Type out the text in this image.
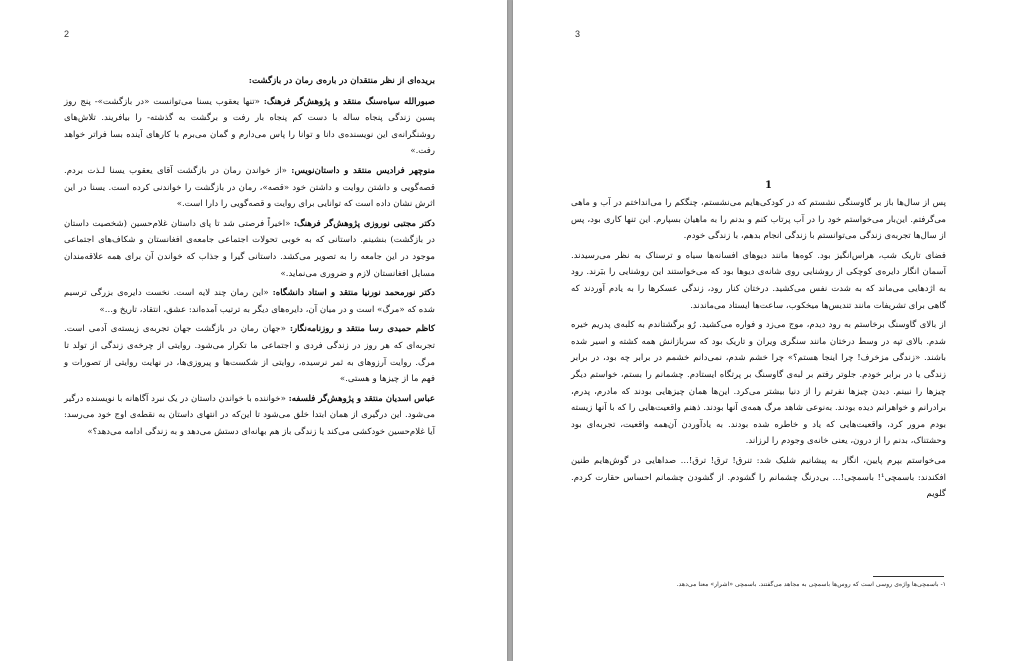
2

بریده‌ای از نظر منتقدان در باره‌ی رمان در بازگشت:

صبورالله سیاه‌سنگ منتقد و پژوهش‌گر فرهنگ: «تنها یعقوب یسنا می‌توانست «در بازگشت»- پنج روز پسین زندگی پنجاه ساله با دست کم پنجاه بار رفت و برگشت به گذشته- را بیافریند. تلاش‌های روشنگرانه‌ی این نویسنده‌ی دانا و توانا را پاس می‌دارم و گمان می‌برم با کارهای آینده بسا فراتر خواهد رفت.»

منوچهر فرادیس منتقد و داستان‌نویس: «از خواندن رمان در بازگشت آقای یعقوب یسنا لـذت بردم. قصه‌گویی و داشتن روایت و داشتن خود «قصه»، رمان در بازگشت را خواندنی کرده است. یسنا در این اثرش نشان داده است که توانایی برای روایت و قصه‌گویی را دارا است.»

دکتر مجتبی نوروزی پژوهش‌گر فرهنگ: «اخیراً فرصتی شد تا پای داستان غلام‌حسین (شخصیت داستان در بازگشت) بنشینم. داستانی که به خوبی تحولات اجتماعی جامعه‌ی افغانستان و شکاف‌های اجتماعی موجود در این جامعه را به تصویر می‌کشد. داستانی گیرا و جذاب که خواندن آن برای همه علاقه‌مندان مسایل افغانستان لازم و ضروری می‌نماید.»

دکتر نورمحمد نورنیا منتقد و استاد دانشگاه: «این رمان چند لایه است. نخست دایره‌ی بزرگی ترسیم شده که «مرگ» است و در میان آن، دایره‌های دیگر به ترتیب آمده‌اند: عشق، انتقاد، تاریخ و...»

کاظم حمیدی رسا منتقد و روزنامه‌نگار: «جهان رمان در بازگشت جهان تجربه‌ی زیسته‌ی آدمی است. تجربه‌ای که هر روز در زندگی فردی و اجتماعی ما تکرار می‌شود. روایتی از چرخه‌ی زندگی از تولد تا مرگ. روایت آرزوهای به ثمر نرسیده، روایتی از شکست‌ها و پیروزی‌ها، در نهایت روایتی از تصورات و فهم ما از چیزها و هستی.»

عباس اسدیان منتقد و پژوهش‌گر فلسفه: «خواننده با خواندن داستان در یک نبرد آگاهانه با نویسنده درگیر می‌شود. این درگیری از همان ابتدا خلق می‌شود تا این‌که در انتهای داستان به نقطه‌ی اوج خود می‌رسد: آیا غلام‌حسین خودکشی می‌کند یا زندگی باز هم بهانه‌ای دستش می‌دهد و به زندگی ادامه می‌دهد؟»

3
1

پس از سال‌ها باز بر گاوسنگی نشستم که در کودکی‌هایم می‌نشستم، چنگکم را می‌انداختم در آب و ماهی می‌گرفتم. این‌بار می‌خواستم خود را در آب پرتاب کنم و بدنم را به ماهیان بسپارم. این تنها کاری بود، پس از سال‌ها تجربه‌ی زندگی می‌توانستم با زندگی انجام بدهم، با زندگی خودم.

فضای تاریک شب، هراس‌انگیز بود. کوه‌ها مانند دیوهای افسانه‌ها سیاه و ترسناک به نظر می‌رسیدند. آسمان انگار دایره‌ی کوچکی از روشنایی روی شانه‌ی دیوها بود که می‌خواستند این روشنایی را ببَرند. رود به اژدهایی می‌ماند که به شدت نفس می‌کشید. درختان کنار رود، زندگی عسکرها را به یادم آوردند که گاهی برای تشریفات مانند تندیس‌ها میخکوب، ساعت‌ها ایستاد می‌ماندند.

از بالای گاوسنگ برخاستم به رود دیدم، موج می‌زد و فواره می‌کشید. رُو برگشتاندم به کلبه‌ی پدریم خیره شدم. بالای تپه در وسط درختان مانند سنگری ویران و تاریک بود که سربازانش همه کشته و اسیر شده باشند. «زندگی مزخرف! چرا اینجا هستم؟» چرا خشم شدم، نمی‌دانم خشمم در برابر چه بود، در برابر زندگی یا در برابر خودم. جلوتر رفتم بر لبه‌ی گاوسنگ بر پرتگاه ایستادم. چشمانم را بستم، خواستم دیگر چیزها را نبینم. دیدن چیزها نفرتم را از دنیا بیشتر می‌کرد. این‌ها همان چیزهایی بودند که مادرم، پدرم، برادرانم و خواهرانم دیده بودند. به‌نوعی شاهد مرگ همه‌ی آنها بودند. ذهنم واقعیت‌هایی را که با آنها زیسته بودم مرور کرد، واقعیت‌هایی که یاد و خاطره شده بودند. به یادآوردن آن‌همه واقعیت، تجربه‌ای بود وحشتناک، بدنم را از درون، یعنی خانه‌ی وجودم را لرزاند.

می‌خواستم بپرم پایین، انگار به پیشانیم شلیک شد: تنرق! ترق! ترق!... صداهایی در گوش‌هایم طنین افکندند: باسمچی¹! باسمچی!... بی‌درنگ چشمانم را گشودم. از گشودن چشمانم احساس حقارت کردم. گلویم

۱- باسمچی‌ها واژه‌ی روسی است که روس‌ها باسمچی به مجاهد می‌گفتند. باسمچی «اشرار» معنا می‌دهد.
